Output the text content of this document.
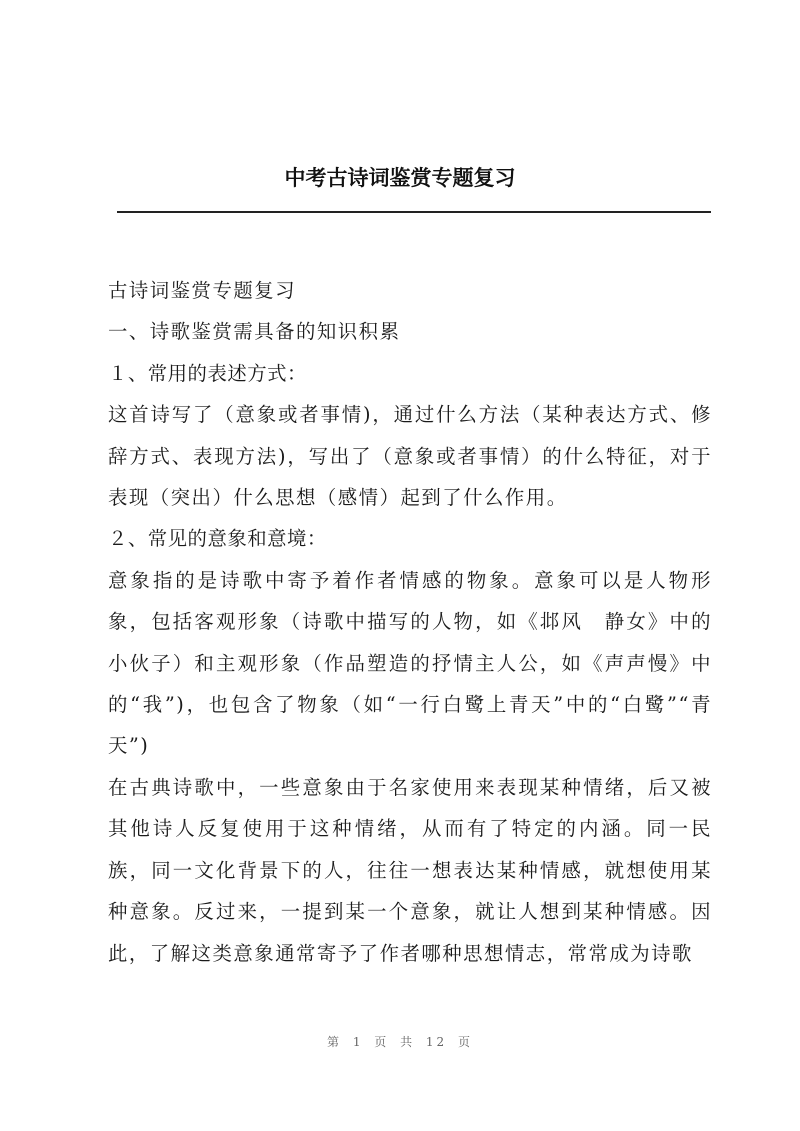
中考古诗词鉴赏专题复习

古诗词鉴赏专题复习

一、诗歌鉴赏需具备的知识积累

１、常用的表述方式：

这首诗写了（意象或者事情)，通过什么方法（某种表达方式、修辞方式、表现方法)，写出了（意象或者事情）的什么特征，对于表现（突出）什么思想（感情）起到了什么作用。

２、常见的意象和意境：

意象指的是诗歌中寄予着作者情感的物象。意象可以是人物形象，包括客观形象（诗歌中描写的人物，如《邶风　静女》中的小伙子）和主观形象（作品塑造的抒情主人公，如《声声慢》中的“我”)，也包含了物象（如“一行白鹭上青天”中的“白鹭”“青天”)

在古典诗歌中，一些意象由于名家使用来表现某种情绪，后又被其他诗人反复使用于这种情绪，从而有了特定的内涵。同一民族，同一文化背景下的人，往往一想表达某种情感，就想使用某种意象。反过来，一提到某一个意象，就让人想到某种情感。因此，了解这类意象通常寄予了作者哪种思想情志，常常成为诗歌

第 1 页 共 12 页
